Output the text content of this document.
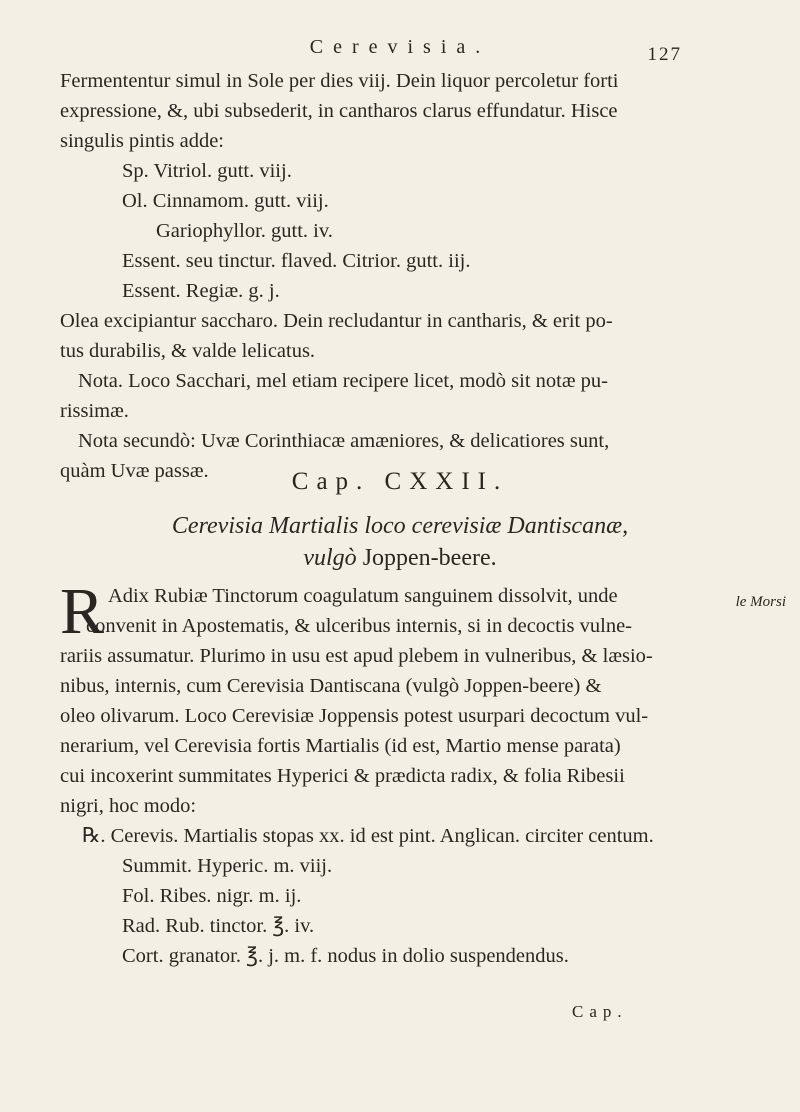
Cerevisia.	127
Fermententur simul in Sole per dies viij. Dein liquor percoletur forti
expressione, &, ubi subsederit, in cantharos clarus effundatur. Hisce
singulis pintis adde:
Sp. Vitriol. gutt. viij.
Ol. Cinnamom. gutt. viij.
Gariophyllor. gutt. iv.
Essent. seu tinctur. flaved. Citrior. gutt. iij.
Essent. Regiæ. g. j.
Olea excipiantur saccharo. Dein recludantur in cantharis, & erit po-
tus durabilis, & valde lelicatus.
Nota. Loco Sacchari, mel etiam recipere licet, modò sit notæ pu-
rissimæ.
Nota secundò: Uvæ Corinthiacæ amæniores, & delicatiores sunt,
quàm Uvæ passæ.	Cap. CXXII.
Cerevisia Martialis loco cerevisiæ Dantiscanæ,
vulgò Joppen-beere.
R	le Morsi
Adix Rubiæ Tinctorum coagulatum sanguinem dissolvit, unde
convenit in Apostematis, & ulceribus internis, si in decoctis vulne-
rariis assumatur. Plurimo in usu est apud plebem in vulneribus, & læsio-
nibus, internis, cum Cerevisia Dantiscana (vulgò Joppen-beere) &
oleo olivarum. Loco Cerevisiæ Joppensis potest usurpari decoctum vul-
nerarium, vel Cerevisia fortis Martialis (id est, Martio mense parata)
cui incoxerint summitates Hyperici & prædicta radix, & folia Ribesii
nigri, hoc modo:
℞. Cerevis. Martialis stopas xx. id est pint. Anglican. circiter centum.
Summit. Hyperic. m. viij.
Fol. Ribes. nigr. m. ij.
Rad. Rub. tinctor. ℥. iv.
Cort. granator. ℥. j. m. f. nodus in dolio suspendendus.
Cap.
